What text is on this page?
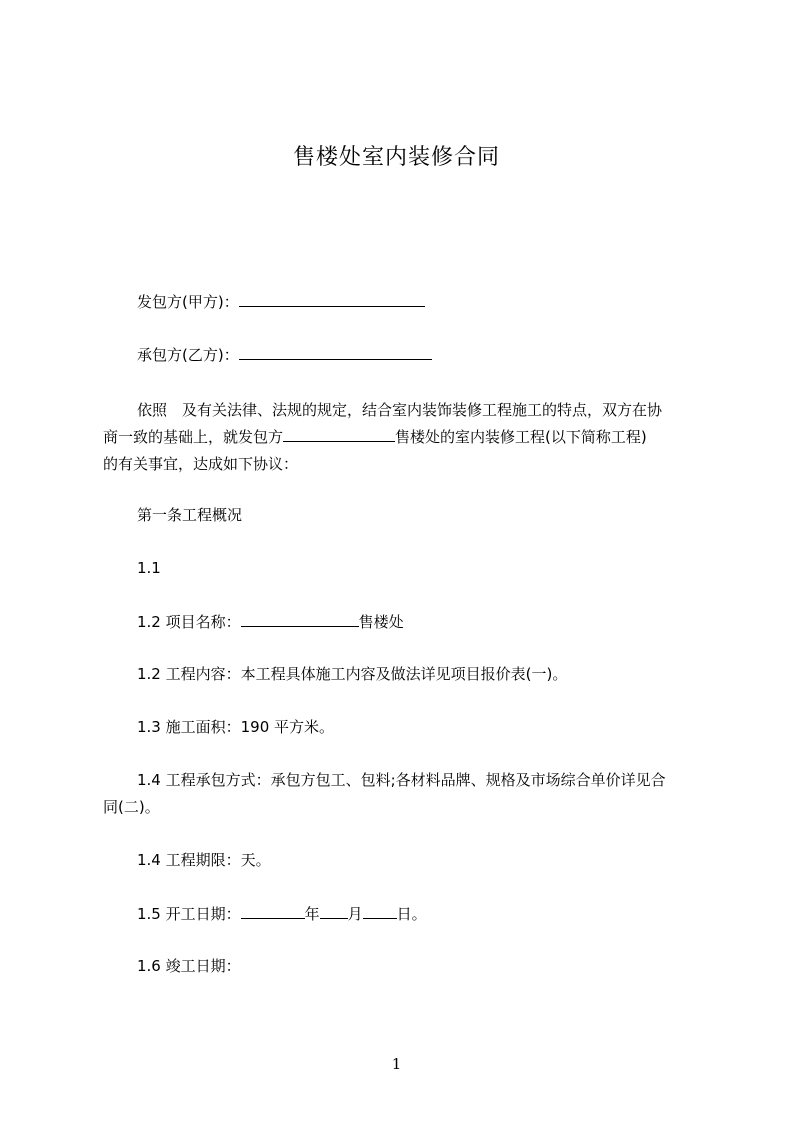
售楼处室内装修合同
发包方(甲方)：
承包方(乙方)：
依照　及有关法律、法规的规定，结合室内装饰装修工程施工的特点，双方在协
商一致的基础上，就发包方	售楼处的室内装修工程(以下简称工程)
的有关事宜，达成如下协议：
第一条工程概况
1.1
1.2 项目名称：	售楼处
1.2 工程内容：本工程具体施工内容及做法详见项目报价表(一)。
1.3 施工面积：190 平方米。
1.4 工程承包方式：承包方包工、包料;各材料品牌、规格及市场综合单价详见合
同(二)。
1.4 工程期限：天。
1.5 开工日期：	年 月 日。
1.6 竣工日期：
1
